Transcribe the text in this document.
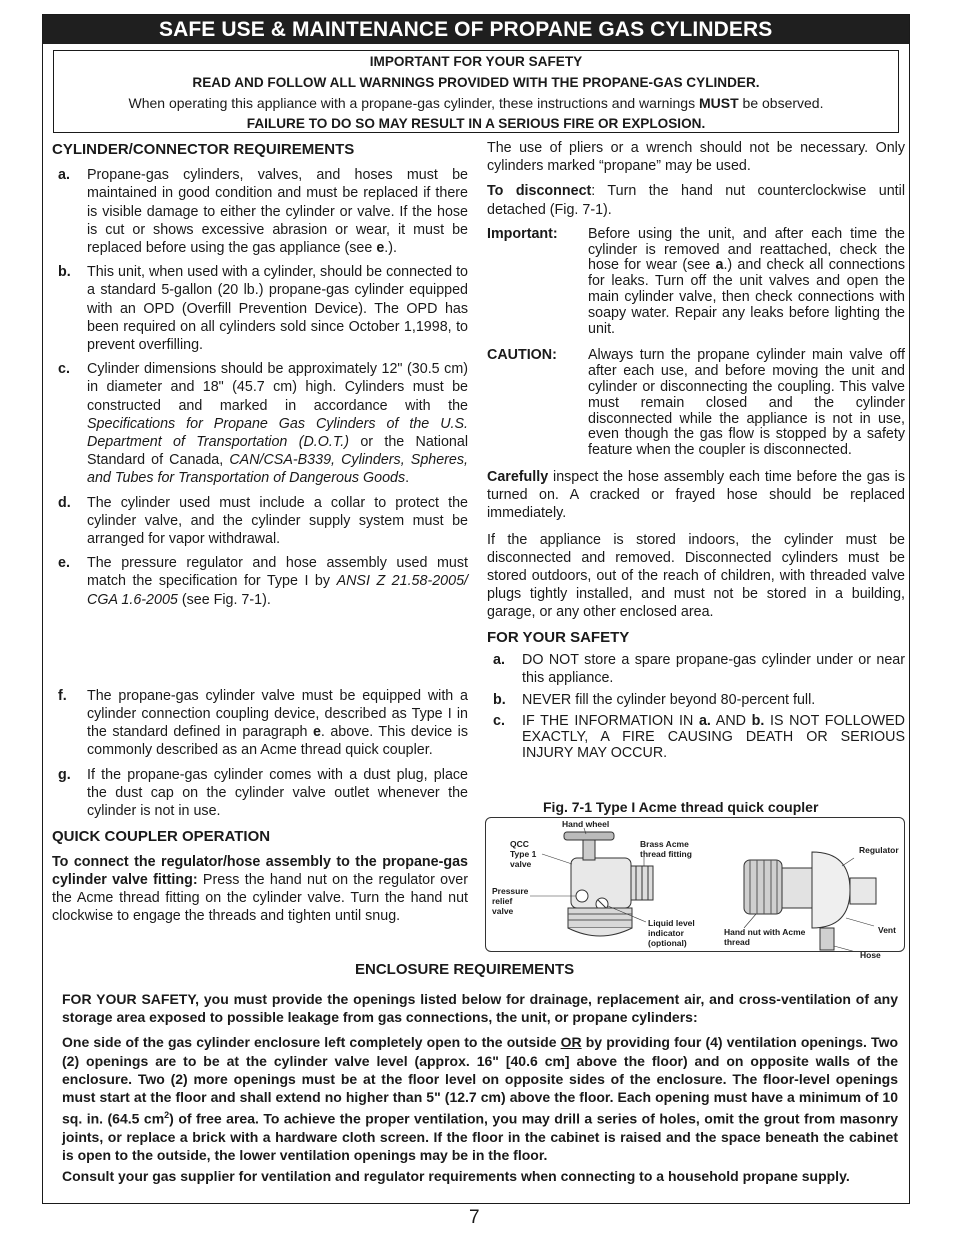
SAFE USE & MAINTENANCE OF PROPANE GAS CYLINDERS
IMPORTANT FOR YOUR SAFETY
READ AND FOLLOW ALL WARNINGS PROVIDED WITH THE PROPANE-GAS CYLINDER.
When operating this appliance with a propane-gas cylinder, these instructions and warnings MUST be observed.
FAILURE TO DO SO MAY RESULT IN A SERIOUS FIRE OR EXPLOSION.
CYLINDER/CONNECTOR REQUIREMENTS
a. Propane-gas cylinders, valves, and hoses must be maintained in good condition and must be replaced if there is visible damage to either the cylinder or valve. If the hose is cut or shows excessive abrasion or wear, it must be replaced before using the gas appliance (see e.).
b. This unit, when used with a cylinder, should be connected to a standard 5-gallon (20 lb.) propane-gas cylinder equipped with an OPD (Overfill Prevention Device). The OPD has been required on all cylinders sold since October 1,1998, to prevent overfilling.
c. Cylinder dimensions should be approximately 12" (30.5 cm) in diameter and 18" (45.7 cm) high. Cylinders must be constructed and marked in accordance with the Specifications for Propane Gas Cylinders of the U.S. Department of Transportation (D.O.T.) or the National Standard of Canada, CAN/CSA-B339, Cylinders, Spheres, and Tubes for Transportation of Dangerous Goods.
d. The cylinder used must include a collar to protect the cylinder valve, and the cylinder supply system must be arranged for vapor withdrawal.
e. The pressure regulator and hose assembly used must match the specification for Type I by ANSI Z 21.58-2005/ CGA 1.6-2005 (see Fig. 7-1).
f. The propane-gas cylinder valve must be equipped with a cylinder connection coupling device, described as Type I in the standard defined in paragraph e. above. This device is commonly described as an Acme thread quick coupler.
g. If the propane-gas cylinder comes with a dust plug, place the dust cap on the cylinder valve outlet whenever the cylinder is not in use.
QUICK COUPLER OPERATION

To connect the regulator/hose assembly to the propane-gas cylinder valve fitting: Press the hand nut on the regulator over the Acme thread fitting on the cylinder valve. Turn the hand nut clockwise to engage the threads and tighten until snug.

The use of pliers or a wrench should not be necessary. Only cylinders marked “propane” may be used.

To disconnect: Turn the hand nut counterclockwise until detached (Fig. 7-1).

Important: Before using the unit, and after each time the cylinder is removed and reattached, check the hose for wear (see a.) and check all connections for leaks. Turn off the unit valves and open the main cylinder valve, then check connections with soapy water. Repair any leaks before lighting the unit.
CAUTION: Always turn the propane cylinder main valve off after each use, and before moving the unit and cylinder or disconnecting the coupling. This valve must remain closed and the cylinder disconnected while the appliance is not in use, even though the gas flow is stopped by a safety feature when the coupler is disconnected.

Carefully inspect the hose assembly each time before the gas is turned on. A cracked or frayed hose should be replaced immediately.

If the appliance is stored indoors, the cylinder must be disconnected and removed. Disconnected cylinders must be stored outdoors, out of the reach of children, with threaded valve plugs tightly installed, and must not be stored in a building, garage, or any other enclosed area.

FOR YOUR SAFETY
a. DO NOT store a spare propane-gas cylinder under or near this appliance.
b. NEVER fill the cylinder beyond 80-percent full.
c. IF THE INFORMATION IN a. AND b. IS NOT FOLLOWED EXACTLY, A FIRE CAUSING DEATH OR SERIOUS INJURY MAY OCCUR.
Fig. 7-1 Type I Acme thread quick coupler
QCC
Type 1
valve
Hand wheel
Brass Acme
thread fitting
Pressure
relief
valve
Liquid level
indicator
(optional)
Hand nut with Acme
thread
Regulator
Vent
Hose
ENCLOSURE REQUIREMENTS

FOR YOUR SAFETY, you must provide the openings listed below for drainage, replacement air, and cross-ventilation of any storage area exposed to possible leakage from gas connections, the unit, or propane cylinders:

One side of the gas cylinder enclosure left completely open to the outside OR by providing four (4) ventilation openings. Two (2) openings are to be at the cylinder valve level (approx. 16" [40.6 cm] above the floor) and on opposite walls of the enclosure. Two (2) more openings must be at the floor level on opposite sides of the enclosure. The floor-level openings must start at the floor and shall extend no higher than 5" (12.7 cm) above the floor. Each opening must have a minimum of 10 sq. in. (64.5 $cm^2$) of free area. To achieve the proper ventilation, you may drill a series of holes, omit the grout from masonry joints, or replace a brick with a hardware cloth screen. If the floor in the cabinet is raised and the space beneath the cabinet is open to the outside, the lower ventilation openings may be in the floor.

Consult your gas supplier for ventilation and regulator requirements when connecting to a household propane supply.

7
